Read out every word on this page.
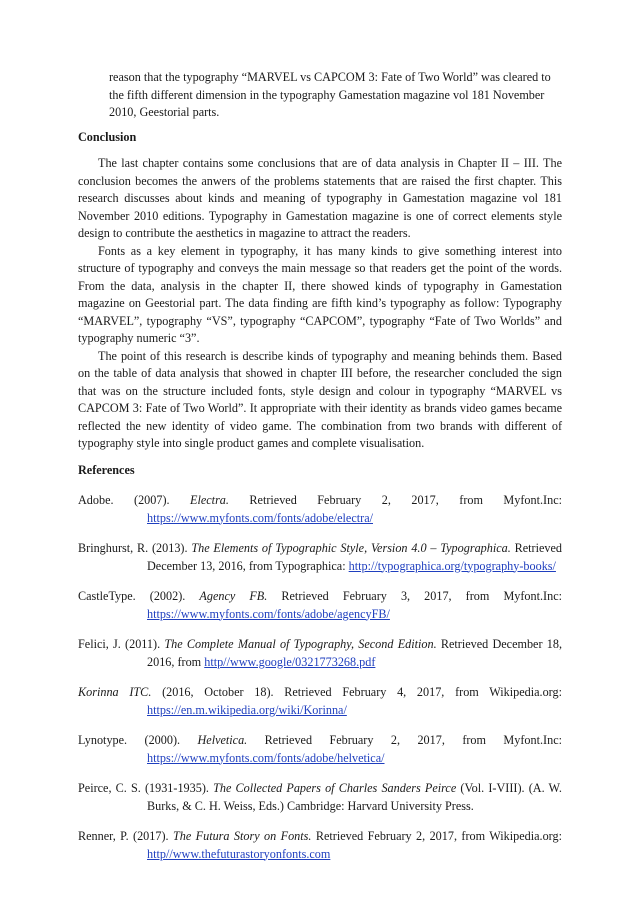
reason that the typography “MARVEL vs CAPCOM 3: Fate of Two World” was cleared to the fifth different dimension in the typography Gamestation magazine vol 181 November 2010, Geestorial parts.

Conclusion

The last chapter contains some conclusions that are of data analysis in Chapter II – III. The conclusion becomes the anwers of the problems statements that are raised the first chapter. This research discusses about kinds and meaning of typography in Gamestation magazine vol 181 November 2010 editions. Typography in Gamestation magazine is one of correct elements style design to contribute the aesthetics in magazine to attract the readers.

Fonts as a key element in typography, it has many kinds to give something interest into structure of typography and conveys the main message so that readers get the point of the words. From the data, analysis in the chapter II, there showed kinds of typography in Gamestation magazine on Geestorial part. The data finding are fifth kind’s typography as follow: Typography “MARVEL”, typography “VS”, typography “CAPCOM”, typography “Fate of Two Worlds” and typography numeric “3”.

The point of this research is describe kinds of typography and meaning behinds them. Based on the table of data analysis that showed in chapter III before, the researcher concluded the sign that was on the structure included fonts, style design and colour in typography “MARVEL vs CAPCOM 3: Fate of Two World”. It appropriate with their identity as brands video games became reflected the new identity of video game. The combination from two brands with different of typography style into single product games and complete visualisation.

References

Adobe. (2007). Electra. Retrieved February 2, 2017, from Myfont.Inc: https://www.myfonts.com/fonts/adobe/electra/

Bringhurst, R. (2013). The Elements of Typographic Style, Version 4.0 – Typographica. Retrieved December 13, 2016, from Typographica: http://typographica.org/typography-books/

CastleType. (2002). Agency FB. Retrieved February 3, 2017, from Myfont.Inc: https://www.myfonts.com/fonts/adobe/agencyFB/

Felici, J. (2011). The Complete Manual of Typography, Second Edition. Retrieved December 18, 2016, from http//www.google/0321773268.pdf

Korinna ITC. (2016, October 18). Retrieved February 4, 2017, from Wikipedia.org: https://en.m.wikipedia.org/wiki/Korinna/

Lynotype. (2000). Helvetica. Retrieved February 2, 2017, from Myfont.Inc: https://www.myfonts.com/fonts/adobe/helvetica/

Peirce, C. S. (1931-1935). The Collected Papers of Charles Sanders Peirce (Vol. I-VIII). (A. W. Burks, & C. H. Weiss, Eds.) Cambridge: Harvard University Press.

Renner, P. (2017). The Futura Story on Fonts. Retrieved February 2, 2017, from Wikipedia.org: http//www.thefuturastoryonfonts.com
